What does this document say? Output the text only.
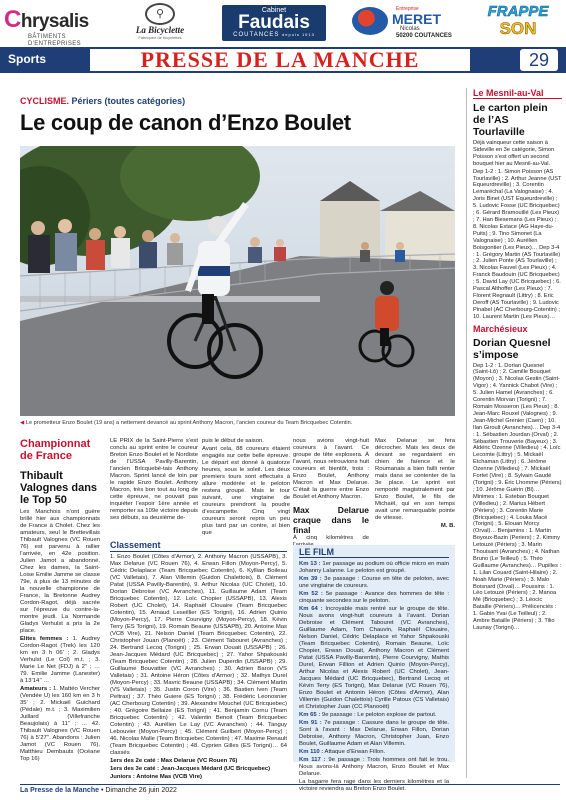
Chrysalis
BÂTIMENTS D'ENTREPRISES
⚲
La Bicyclette
Fabriquée de bicyclettes
Cabinet
Faudais
COUTANCES depuis 1913
Entreprise
MERET
Nicolas
50200 COUTANCES
FRAPPE
SON
Sports	PRESSE DE LA MANCHE	29
CYCLISME. Périers (toutes catégories)
Le coup de canon d’Enzo Boulet
◀ Le prometteur Enzo Boulet (19 ans) a nettement devancé au sprint Anthony Macron, l’ancien coureur du Team Bricquebec Cotentin.
Championnat de France
Thibault Valognes dans le Top 50

Les Manchois n’ont guère brillé hier aux championnats de France à Cholet. Chez les amateurs, seul le Brettevillais Thibault Valognes (VC Rouen 76) est parvenu à rallier l’arrivée, en 42e position. Julien Jamot a abandonné. Chez les dames, la Saint-Loise Emilie Jamme se classe 79e, à plus de 13 minutes de la nouvelle championne de France, la Bretonne Audrey Cordon-Ragot, déjà sacrée sur l’épreuve du contre-la-montre jeudi. La Normande Gladys Verhulst a pris la 2e place.

Elites femmes : 1. Audrey Cordon-Ragot (Trek) les 120 km en 3 h 06’ ; 2. Gladys Verhulst (Le Col) m.t. ; 3. Marie Le Net (FDJ) à 2’’ ; … 79. Emilie Jamme (Lanester) à 13’14’’ …

Amateurs : 1. Mattéo Vercher (Vendée U) les 160 km en 3 h 35’ ; 2. Mickaël Guichard (Pédale) m.t. ; 3. Maximilien Juillard (Villefranche Beaujolais) à 11’’ ; … 42. Thibault Valognes (VC Rouen 76) à 5’27’’. Abandons : Julien Jamot (VC Rouen 76), Matthieu Dembauts (Océane Top 16)

LE PRIX de la Saint-Pierre s’est conclu au sprint entre le coureur Breton Enzo Boulet et le Nordiste de l’USSA Pavilly-Barentin, l’ancien Bricquebé-tais Anthony Macron. Sprint lancé de loin par le rapide Enzo Boulet. Anthony Macron, très bon tout au long de cette épreuve, ne pouvait pas inquiéter l’espoir 1ère année et remporter sa 109e victoire depuis ses débuts, sa deuxième de-

puis le début de saison.

Avant cela, 88 coureurs étaient engagés sur cette belle épreuve. Le départ est donné à quatorze heures, sous le soleil. Les deux premiers tours sont effectués à allure modérée et le peloton restera groupé. Mais le tour suivant, une vingtaine de coureurs prendront la poudre d’escampette. Cinq vingt coureurs seront repris un peu plus tard par un contre, si bien que

nous avions vingt-huit coureurs à l’avant. Ce groupe de tête explosera. À l’avant, nous retrouvions huit coureurs et bientôt, trois : Enzo Boulet, Anthony Macron et Max Delarue. C’était la guerre entre Enzo Boulet et Anthony Macron.

Max Delarue craque dans le final

À cinq kilomètres de

Max Delarue se fera décrocher. Mais les deux de devant se regardaient en chien de faïence et le Roumanais a bien failli renter mais dans se contenter de la 3e place. Le sprint est remporté magistralement par Enzo Boulet, le fils de Michaël, qui en son temps avait une remarquable pointe de vitesse.

M. B.

Classement

1. Enzo Boulet (Côtes d’Armor), 2. Anthony Macron (USSAPB), 3. Max Delarue (VC Rouen 76), 4. Erwan Fillon (Moyon-Percy), 5. Cédric Delaplace (Team Bricquebec Cotentin), 6. Kyllian Boileau (VC Valletais), 7. Alan Villemin (Guidon Chalettois), 8. Clément Patat (USSA Pavilly-Barentin), 9. Arthur Nicolas (UC Cholet), 10. Dorian Debroise (VC Avranches), 11. Guillaume Adam (Team Bricquebec Cotentin), 12. Loïc Chopier (USSAPB), 13. Alexis Robert (UC Cholet), 14. Raphaël Clouaire (Team Bricquebec Cotentin), 15. Arnaud Leseillier (ES Torigni), 16. Adrien Quinio (Moyon-Percy), 17. Pierre Courvigny (Moyon-Percy), 18. Kévin Terry (ES Torigni), 19. Romain Beaune (USSAPB), 20. Antoine Mas (VCB Vire), 21. Nelson Daniel (Team Bricquebec Cotentin), 22. Christopher Jouan (Planoët) ; 23. Clément Tabouret (Avranches) ; 24. Bertrand Lecoq (Torigni) ; 25. Erwan Douait (USSAPB) ; 26. Jean-Jacques Médard (UC Bricquebec) ; 27. Yahor Shpakouski (Team Bricquebec Cotentin) ; 28. Julien Duperdin (USSAPB) ; 29. Guillaume Bouvattier (VC Avranches) ; 30. Adrien Baron (VS Valletais) ; 31. Antoine Héron (Côtes d’Armor) ; 32. Mathys Durel (Moyon-Percy) ; 33. Mavric Beaune (USSAPB) ; 34. Clément Martin (VS Valletais) ; 35. Justin Coron (Vire) ; 36. Bastien Iven (Team Peltrax) ; 37. Théo Guiere (ES Torigni) ; 38. Frédéric Leonosnier (AC Cherbourg Cotentin) ; 39. Alexandre Mouchel (UC Bricquebec) ; 40. Grégoire Bellaize (ES Torigni) ; 41. Benjamin Cornu (Team Bricquebec Cotentin) ; 42. Valentin Benoit (Team Bricquebec Cotentin) ; 43. Aurélien Le Lay (VC Avranches) ; 44. Tanguy Lebouvier (Moyon-Percy) ; 45. Clément Guilbert (Moyon-Percy) ; 46. Nicolas Malle (Team Bricquebec Cotentin) ; 47. Maxime Renault (Team Bricquebec Cotentin) ; 48. Cyprien Gilles (ES Torigni)… 64 classés

1ers des 2e caté : Max Delarue (VC Rouen 76)

1ers des 3e caté : Jean-Jacques Médard (UC Bricquebec)

Juniors : Antoine Mas (VCB Vire)

LE FILM

Km 13 : 1er passage au podium où officie micro en main Johanny Lalanne. Le peloton est groupé.

Km 39 : 3e passage : Course en tête de peloton, avec une vingtaine de coureurs.

Km 52 : 5e passage : Avance des hommes de tête : cinquante secondes sur le peloton.

Km 64 : Incroyable mais rentré sur le groupe de tête. Nous avons vingt-huit coureurs à l’avant. Dorian Debroise et Clément Tabouret (VC Avranches), Guillaume Adam, Tom Chauvin, Raphaël Clouaire, Nelson Daniel, Cédric Delaplace et Yahor Shpakouski (Team Bricquebec Cotentin), Romain Beaune, Loïc Chopier, Erwan Douait, Anthony Macron et Clément Patat (USSA Pavilly-Barentin), Pierre Courvigny, Mathis Durel, Erwan Fillion et Adrien Quinio (Moyon-Percy), Arthur Nicolas et Alexis Robert (UC Cholet), Jean-Jacques Médard (UC Bricquebec), Bertrand Lecoq et Kévin Terry (ES Torigni), Max Delarue (VC Rouen 76), Enzo Boulet et Antonin Héron (Côtes d’Armor), Alan Villemin (Guidon Chalettois) Cyrille Patoux (CS Valletais) et Christopher Juan (CC Planooët)

Km 65 : 9e passage : Le peloton explose de partout.

Km 91 : 7e passage : Cassure dans le groupe de tête. Sont à l’avant : Max Delarue, Erwan Fillon, Dorian Debroise, Anthony Macron, Christopher Juan, Enzo Boulet, Guillaume Adam et Alan Villemin.

Km 110 : Attaque d’Erwan Fillon.

Km 117 : 9e passage : Trois hommes ont fait le trou. Nous avons-là Anthony Macron, Enzo Boulet et Max Delarue.

La bagarre fera rage dans les derniers kilomètres et la victoire reviendra au Breton Enzo Boulet.

Le Mesnil-au-Val
Le carton plein de l’AS Tourlaville

Déjà vainqueur cette saison à Sideville en 3e catégorie, Simon Poisson s’est offert un second bouquet hier au Mesnil-au-Val.

Dep 1-2 : 1. Simon Poisson (AS Tourlaville) ; 2. Arthur Jeanne (UST Equeurdreville) ; 3. Corentin Lemaréchal (La Valognaise) ; 4. Joris Binet (UST Equeurdreville) ; 5. Ludovic Fosse (UC Bricquebec) ; 6. Gérard Bramouillé (Les Pieux) ; 7. Han Biesemans (Les Pieux) ; 8. Nicolas Estace (AG Haye-du-Puits) ; 9. Tino Simonet (La Valognaise) ; 10. Aurélien Boisgontier (Les Pieux)… Dep 3-4 : 1. Grégory Martin (AS Tourlaville) ; 2. Julien Ponte (AS Tourlaville) ; 3. Nicolas Fauvel (Les Pieux) ; 4. Franck Baudouin (UC Bricquebec) ; 5. David Lay (UC Bricquebec) ; 6. Pascal Althoffer (Les Pieux) ; 7. Florent Regnault (Littry) ; 8. Eric Deroff (AS Tourlaville) ; 9. Ludovic Pinabel (AC Cherbourg-Cotentin) ; 10. Laurent Martin (Les Pieux)…

Marchésieux
Dorian Quesnel s’impose

Dep 1-2 : 1. Dorian Quesnel (Saint-Lô) ; 2. Camille Bouquet (Moyon) ; 3. Nicolas Gestin (Saint-Vigor) ; 4. Yannick Chabot (Vire) ; 5. Julien Hamel (Avranches) ; 6. Corentin Morvan (Torigni) ; 7. Romain Mosseron (Les Pieux) ; 8. Jean-Marc Rouxel (Valognes) ; 9. Jean-Michel Grenier (Caen) ; 10. Ilan Giroult (Avranches)… Dep 3-4 : 1. Sébastien Jourdan (Orval) ; 2. Sébastien Trouverie (Bayeux) ; 3. Aldéric Ozenne (Villedieu) ; 4. Loïc Lecomte (Littry) ; 5. Mickaël Etchaman (Littry) ; 6. Jérôme Ozenne (Villedieu) ; 7. Mickaël Fortet (Vire) ; 8. Sylvain Gaudé (Torigni) ; 9. Éric Lhomme (Périers) ; 10. Jérôme Guérin (Bl)… Minimes : 1. Esteban Bouquet (Villedieu) ; 2. Marius Hébert (Périers) ; 3. Corentin Marie (Bricquebec) ; 4. Louka Macé (Torigni) ; 5. Elouan Morcy (Orval)… Benjamins : 1. Martin Boyoux-Bazin (Periers) ; 2. Kimmy Letouzé (Périers) ; 3. Marin Thouisant (Avranches) ; 4. Nathan Bruno (Le Teilleul) ; 5. Théo Guillaume (Avranches)… Pupilles : 1. Lilan Couard (Saint-Hilaire) ; 2. Noah Marie (Périers) ; 3. Malo Boisnard (Orval)… Poussins : 1. Léo Letouzé (Périers) ; 2. Manoa Mé (Bricquebec) ; 3. Léocic Bataille (Périers)… Prélicenciés : 1. Gabin Yvai (Le Teilleul) ; 2. Ambre Bataille (Périers) ; 3. Tilio Launay (Torigni)…

La Presse de la Manche • Dimanche 26 juin 2022
